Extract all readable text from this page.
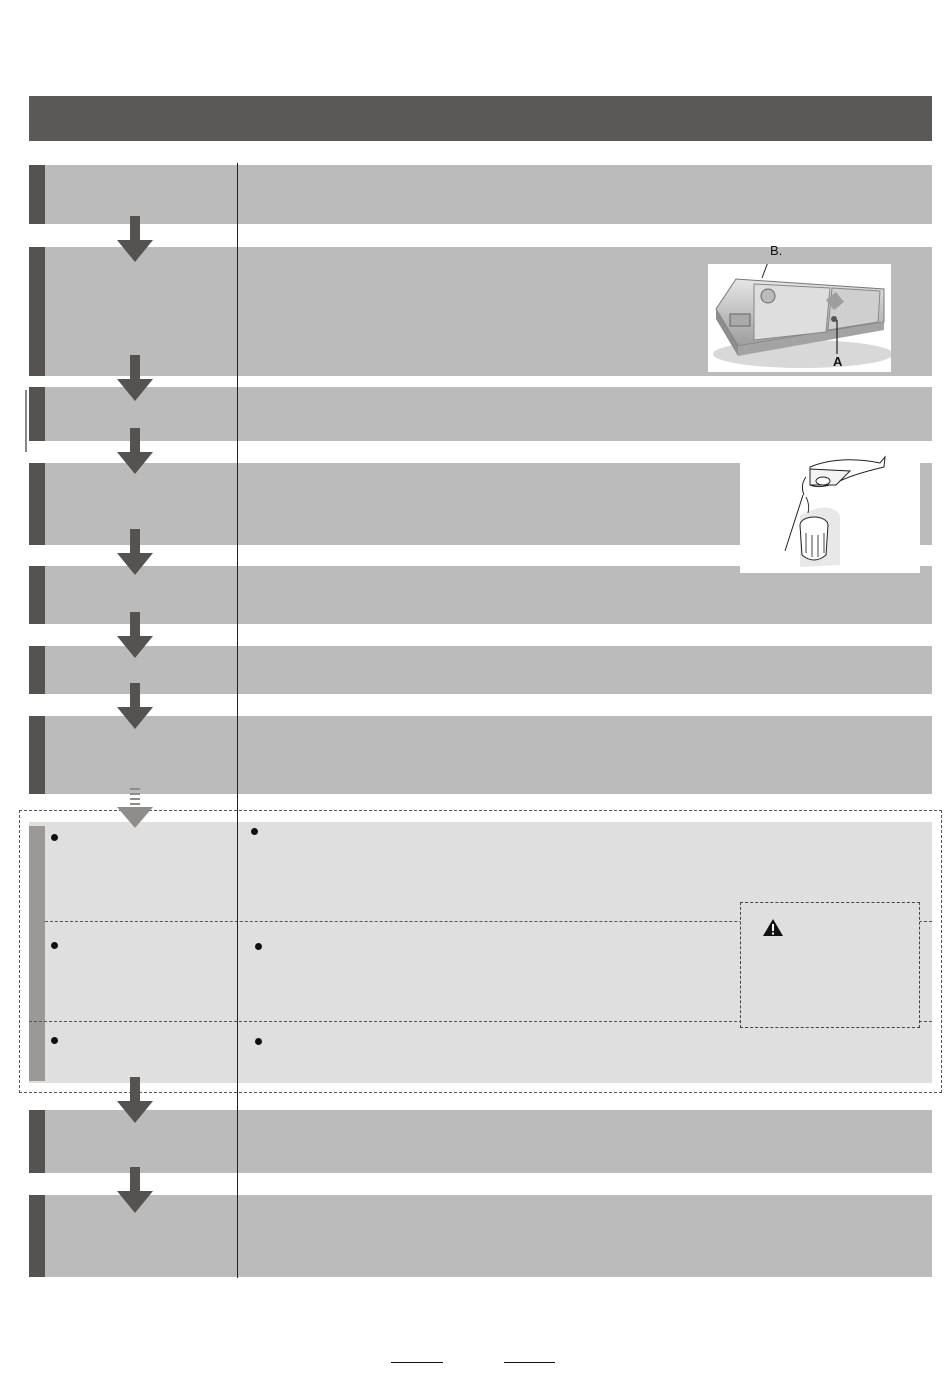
B.
A
